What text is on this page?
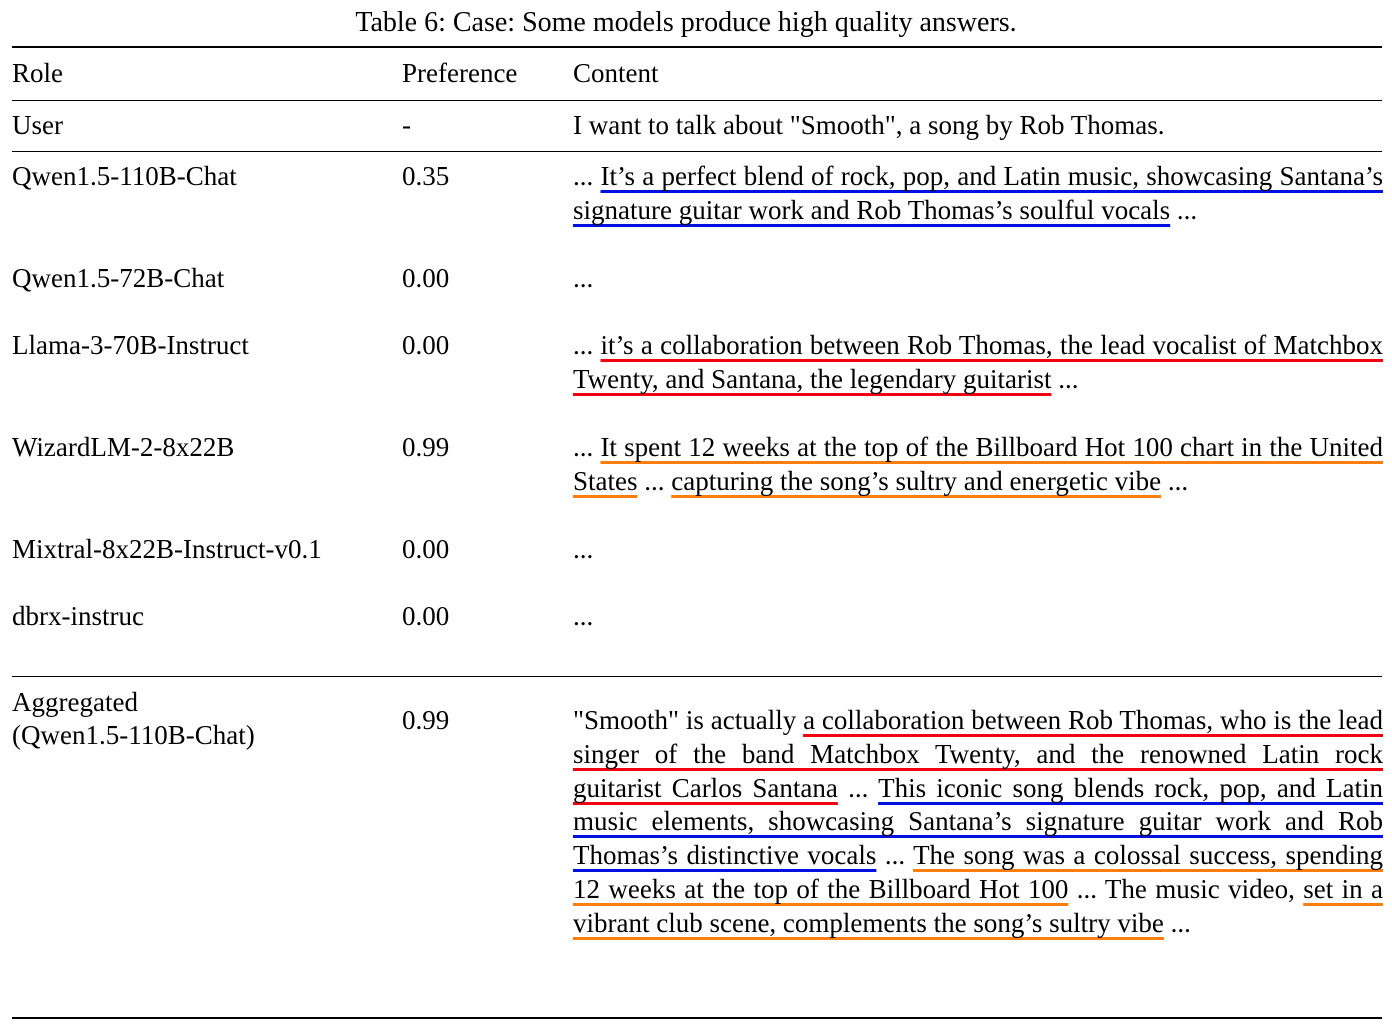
Table 6: Case: Some models produce high quality answers.
Role	Preference	Content
User	-	I want to talk about "Smooth", a song by Rob Thomas.
Qwen1.5-110B-Chat	0.35	... It’s a perfect blend of rock, pop, and Latin music, showcasing Santana’s signature guitar work and Rob Thomas’s soulful vocals ...
Qwen1.5-72B-Chat	0.00	...
Llama-3-70B-Instruct	0.00	... it’s a collaboration between Rob Thomas, the lead vocalist of Matchbox Twenty, and Santana, the legendary guitarist ...
WizardLM-2-8x22B	0.99	... It spent 12 weeks at the top of the Billboard Hot 100 chart in the United States ... capturing the song’s sultry and energetic vibe ...
Mixtral-8x22B-Instruct-v0.1	0.00	...
dbrx-instruc	0.00	...
Aggregated
(Qwen1.5-110B-Chat)	0.99	"Smooth" is actually a collaboration between Rob Thomas, who is the lead singer of the band Matchbox Twenty, and the renowned Latin rock guitarist Carlos Santana ... This iconic song blends rock, pop, and Latin music elements, showcasing Santana’s signature guitar work and Rob Thomas’s distinctive vocals ... The song was a colossal success, spending 12 weeks at the top of the Billboard Hot 100 ... The music video, set in a vibrant club scene, complements the song’s sultry vibe ...
